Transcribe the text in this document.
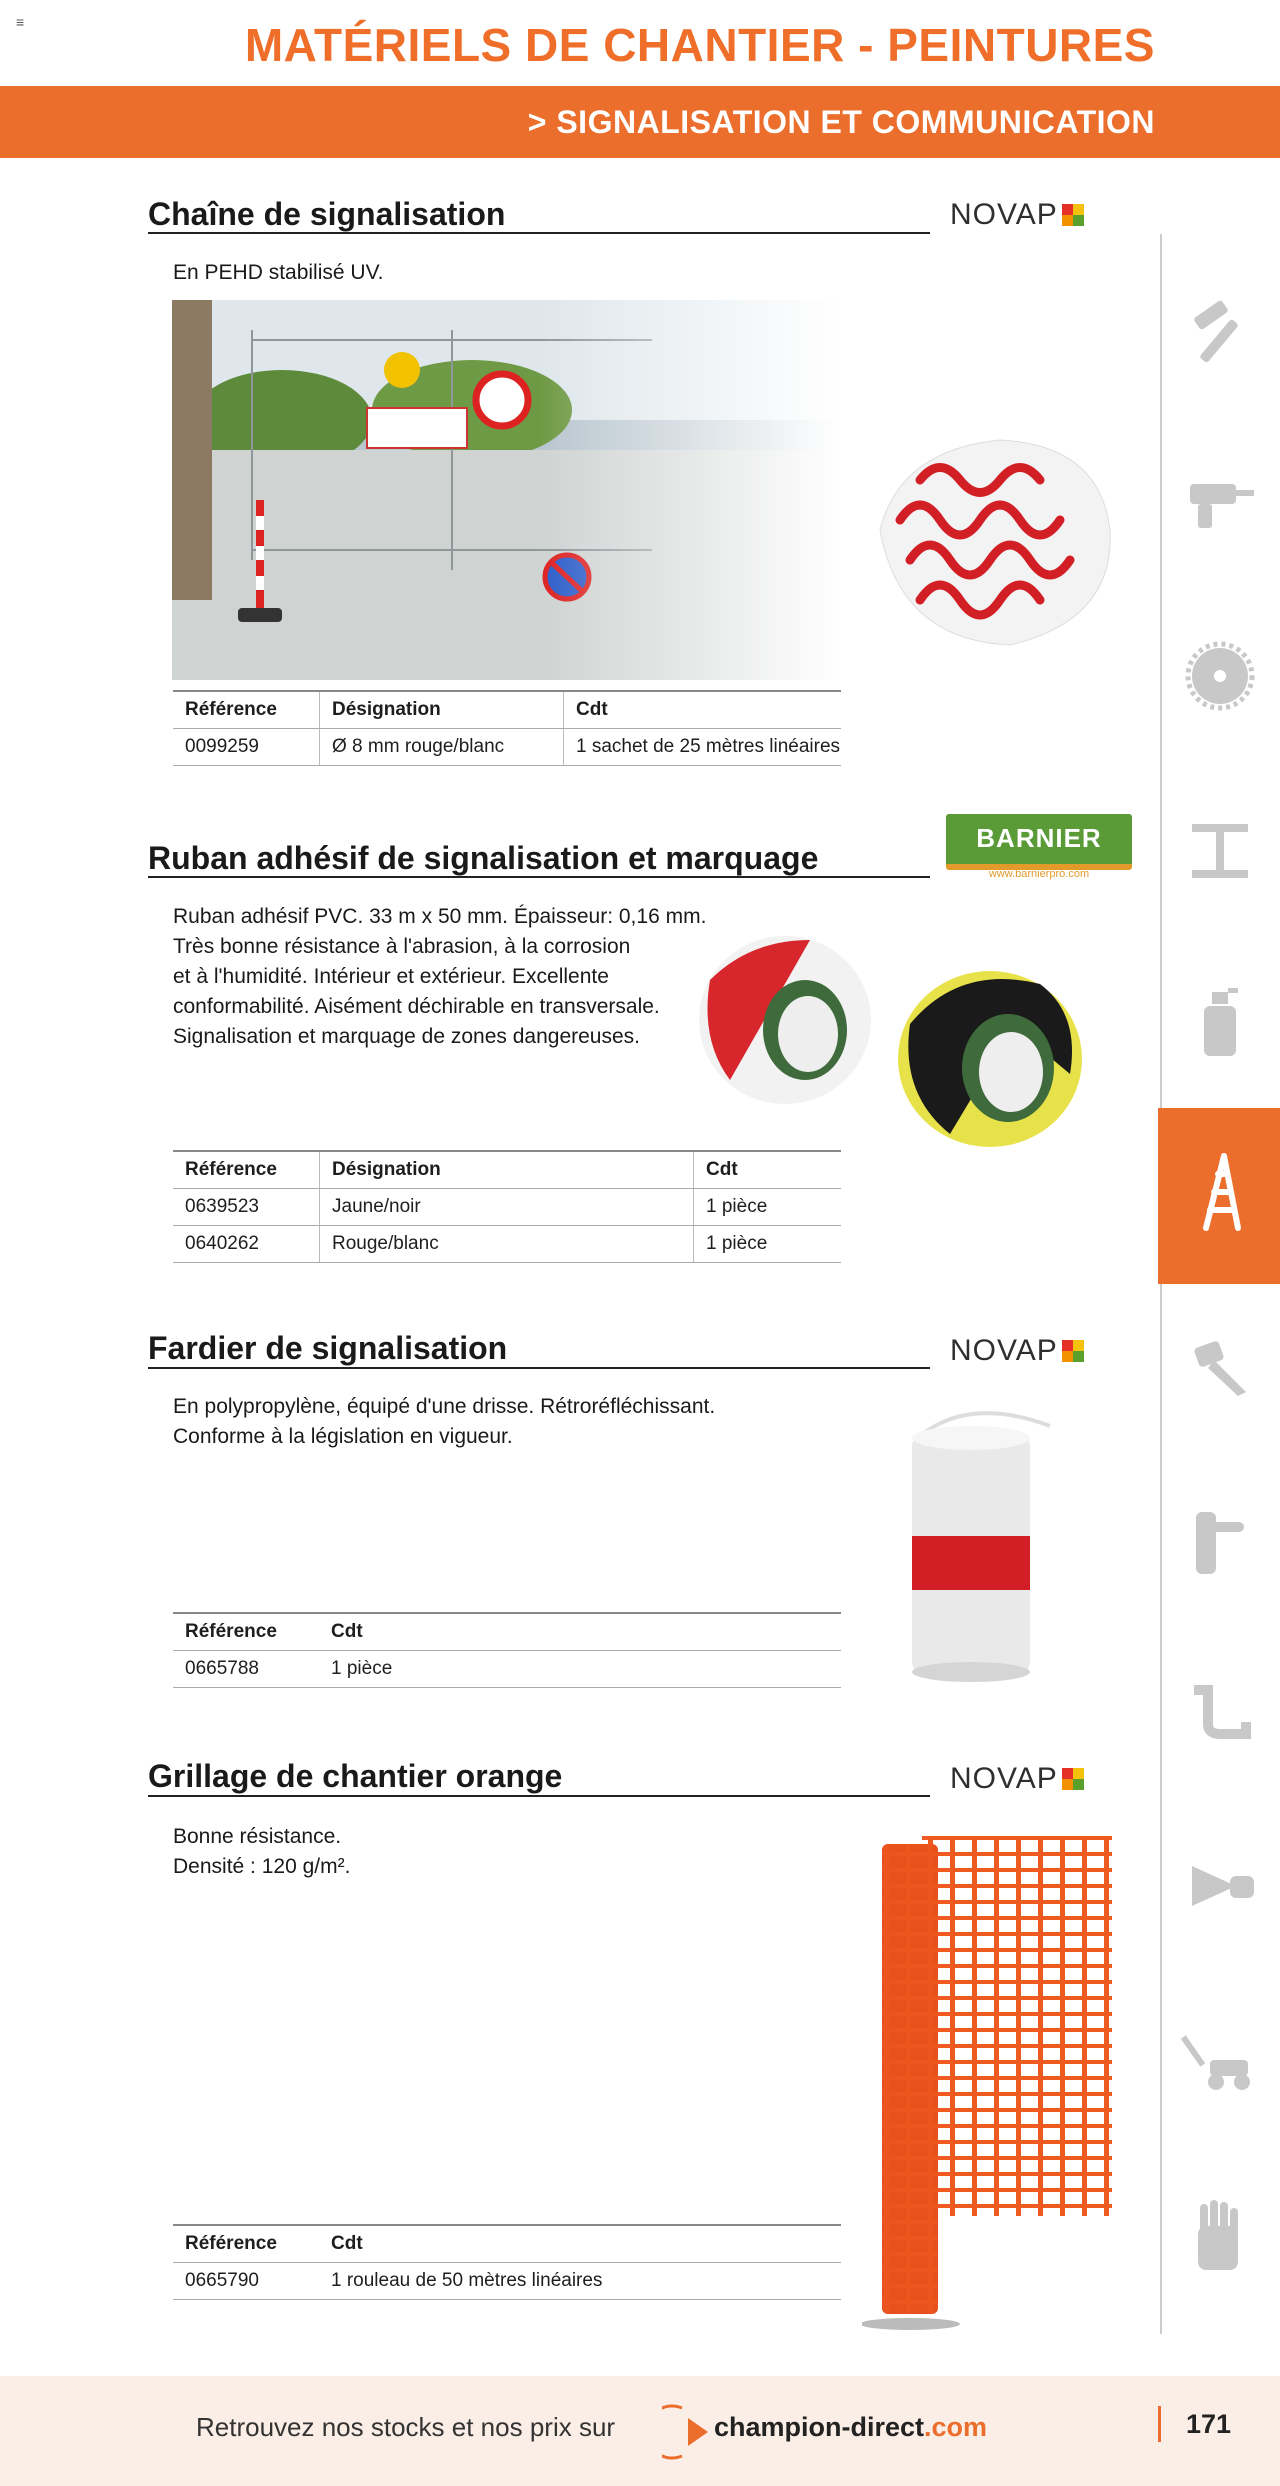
≡	MATÉRIELS DE CHANTIER - PEINTURES
> SIGNALISATION ET COMMUNICATION
Chaîne de signalisation	NOVAP
En PEHD stabilisé UV.
Référence	Désignation	Cdt
0099259	Ø 8 mm rouge/blanc	1 sachet de 25 mètres linéaires
Ruban adhésif de signalisation et marquage
BARNIER
www.barnierpro.com
Ruban adhésif PVC. 33 m x 50 mm. Épaisseur: 0,16 mm.
Très bonne résistance à l'abrasion, à la corrosion
et à l'humidité. Intérieur et extérieur. Excellente
conformabilité. Aisément déchirable en transversale.
Signalisation et marquage de zones dangereuses.
Référence	Désignation	Cdt
0639523	Jaune/noir	1 pièce
0640262	Rouge/blanc	1 pièce
Fardier de signalisation	NOVAP
En polypropylène, équipé d'une drisse. Rétroréfléchissant.
Conforme à la législation en vigueur.
Référence	Cdt
0665788	1 pièce
Grillage de chantier orange	NOVAP
Bonne résistance.
Densité : 120 g/m².
Référence	Cdt
0665790	1 rouleau de 50 mètres linéaires
Retrouvez nos stocks et nos prix sur	champion-direct.com	171
